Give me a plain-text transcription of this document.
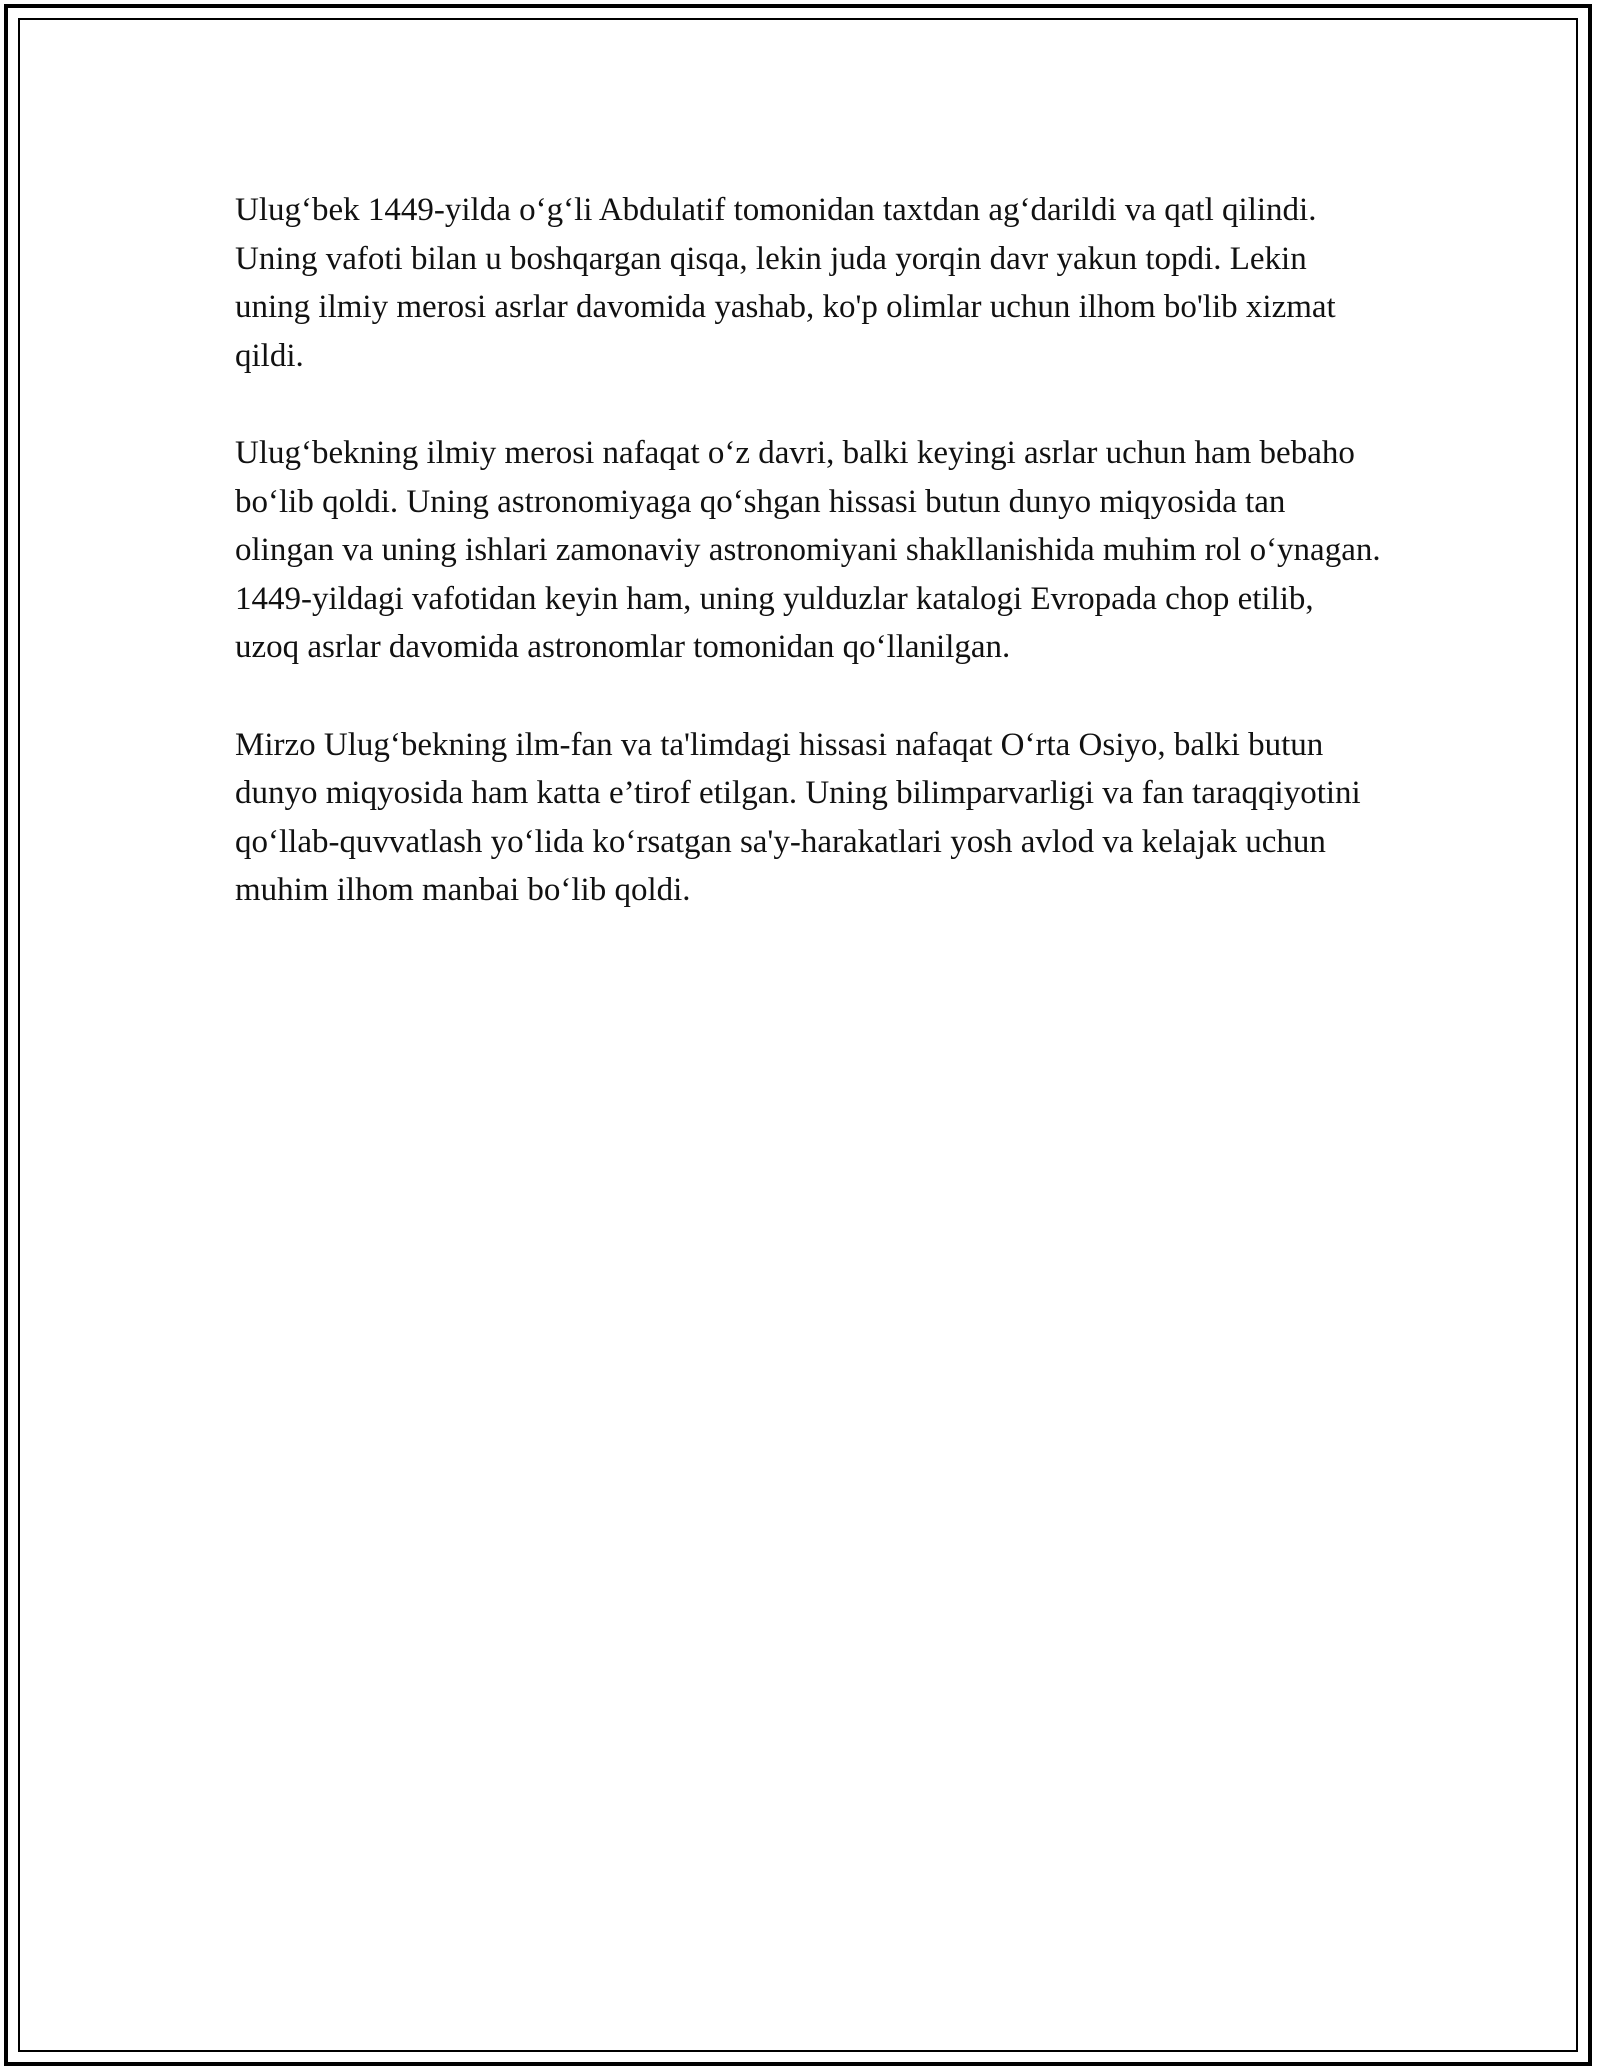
Ulug‘bek 1449-yilda o‘g‘li Abdulatif tomonidan taxtdan ag‘darildi va qatl qilindi. Uning vafoti bilan u boshqargan qisqa, lekin juda yorqin davr yakun topdi. Lekin uning ilmiy merosi asrlar davomida yashab, ko'p olimlar uchun ilhom bo'lib xizmat qildi.

Ulug‘bekning ilmiy merosi nafaqat o‘z davri, balki keyingi asrlar uchun ham bebaho bo‘lib qoldi. Uning astronomiyaga qo‘shgan hissasi butun dunyo miqyosida tan olingan va uning ishlari zamonaviy astronomiyani shakllanishida muhim rol o‘ynagan. 1449-yildagi vafotidan keyin ham, uning yulduzlar katalogi Evropada chop etilib, uzoq asrlar davomida astronomlar tomonidan qo‘llanilgan.

Mirzo Ulug‘bekning ilm-fan va ta'limdagi hissasi nafaqat O‘rta Osiyo, balki butun dunyo miqyosida ham katta e’tirof etilgan. Uning bilimparvarligi va fan taraqqiyotini qo‘llab-quvvatlash yo‘lida ko‘rsatgan sa'y-harakatlari yosh avlod va kelajak uchun muhim ilhom manbai bo‘lib qoldi.
